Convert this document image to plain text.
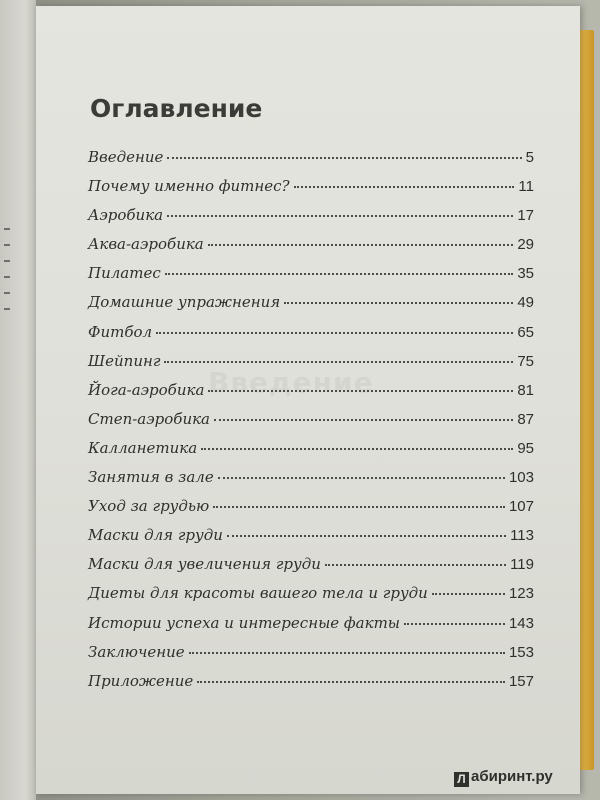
Введение
Оглавление
Введение	5
Почему именно фитнес?	11
Аэробика	17
Аква-аэробика	29
Пилатес	35
Домашние упражнения	49
Фитбол	65
Шейпинг	75
Йога-аэробика	81
Степ-аэробика	87
Калланетика	95
Занятия в зале	103
Уход за грудью	107
Маски для груди	113
Маски для увеличения груди	119
Диеты для красоты вашего тела и груди	123
Истории успеха и интересные факты	143
Заключение	153
Приложение	157
Л абиринт.ру
